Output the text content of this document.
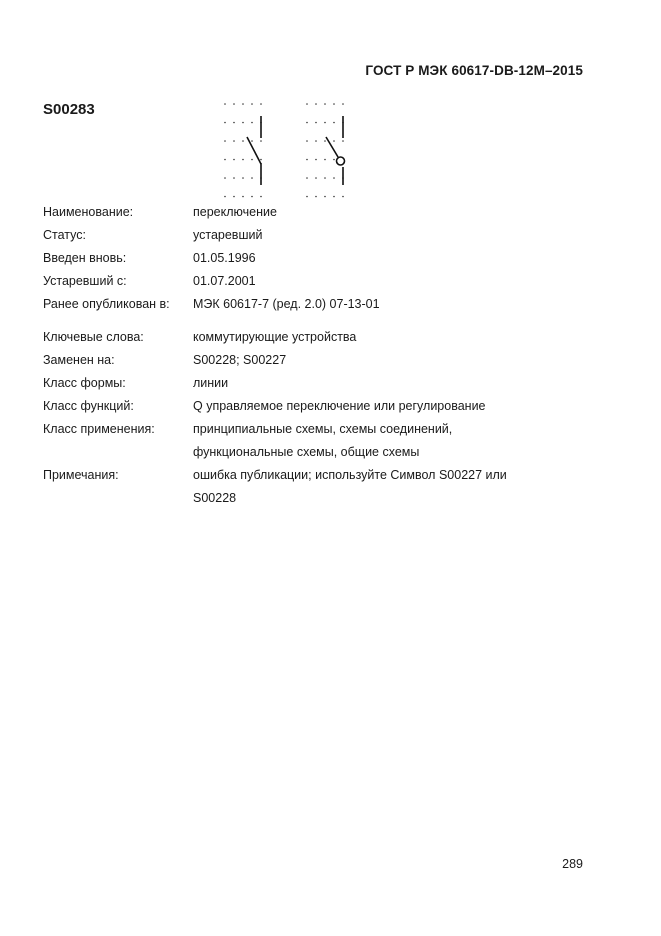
ГОСТ Р МЭК 60617-DB-12M–2015
S00283
Наименование:	переключение
Статус:	устаревший
Введен вновь:	01.05.1996
Устаревший с:	01.07.2001
Ранее опубликован в:	МЭК 60617-7 (ред. 2.0) 07-13-01
Ключевые слова:	коммутирующие устройства
Заменен на:	S00228; S00227
Класс формы:	линии
Класс функций:	Q управляемое переключение или регулирование
Класс применения:	принципиальные схемы, схемы соединений,
функциональные схемы, общие схемы
Примечания:	ошибка публикации; используйте Символ S00227 или
S00228
289
